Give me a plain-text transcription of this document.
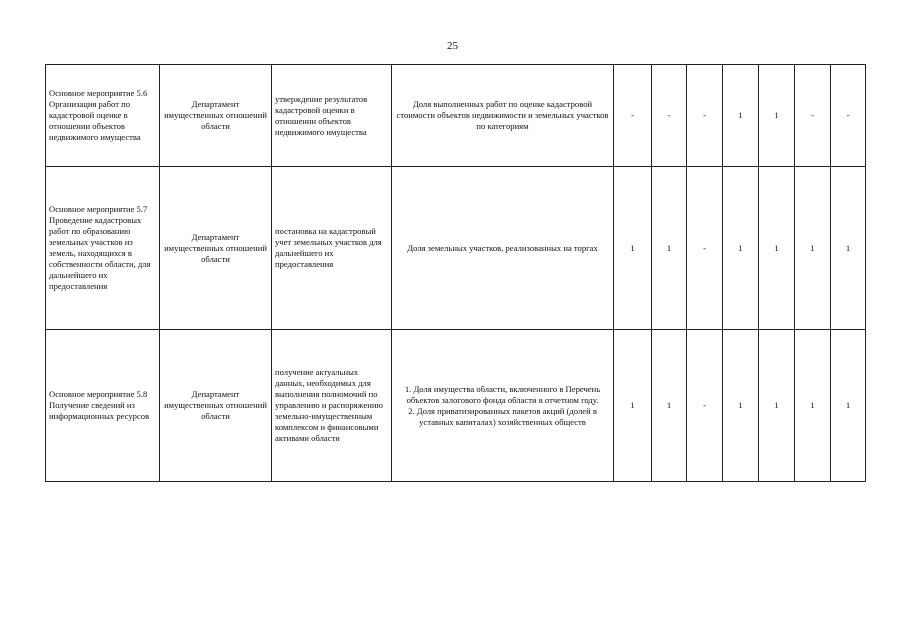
25
Основное мероприятие 5.6 Организация работ по кадастровой оценке в отношении объектов недвижимого имущества	Департамент имущественных отношений области	утверждение результатов кадастровой оценки в отношении объектов недвижимого имущества	Доля выполненных работ по оценке кадастровой стоимости объектов недвижимости и земельных участков по категориям	-	-	-	1	1	-	-
Основное мероприятие 5.7 Проведение кадастровых работ по образованию земельных участков из земель, находящихся в собственности области, для дальнейшего их предоставления	Департамент имущественных отношений области	постановка на кадастровый учет земельных участков для дальнейшего их предоставления	Доля земельных участков, реализованных на торгах	1	1	-	1	1	1	1
Основное мероприятие 5.8 Получение сведений из информационных ресурсов	Департамент имущественных отношений области	получение актуальных данных, необходимых для выполнения полномочий по управлению и распоряжению земельно-имущественным комплексом и финансовыми активами области	1. Доля имущества области, включенного в Перечень объектов залогового фонда области в отчетном году.
2. Доля приватизированных пакетов акций (долей в уставных капиталах) хозяйственных обществ	1	1	-	1	1	1	1
